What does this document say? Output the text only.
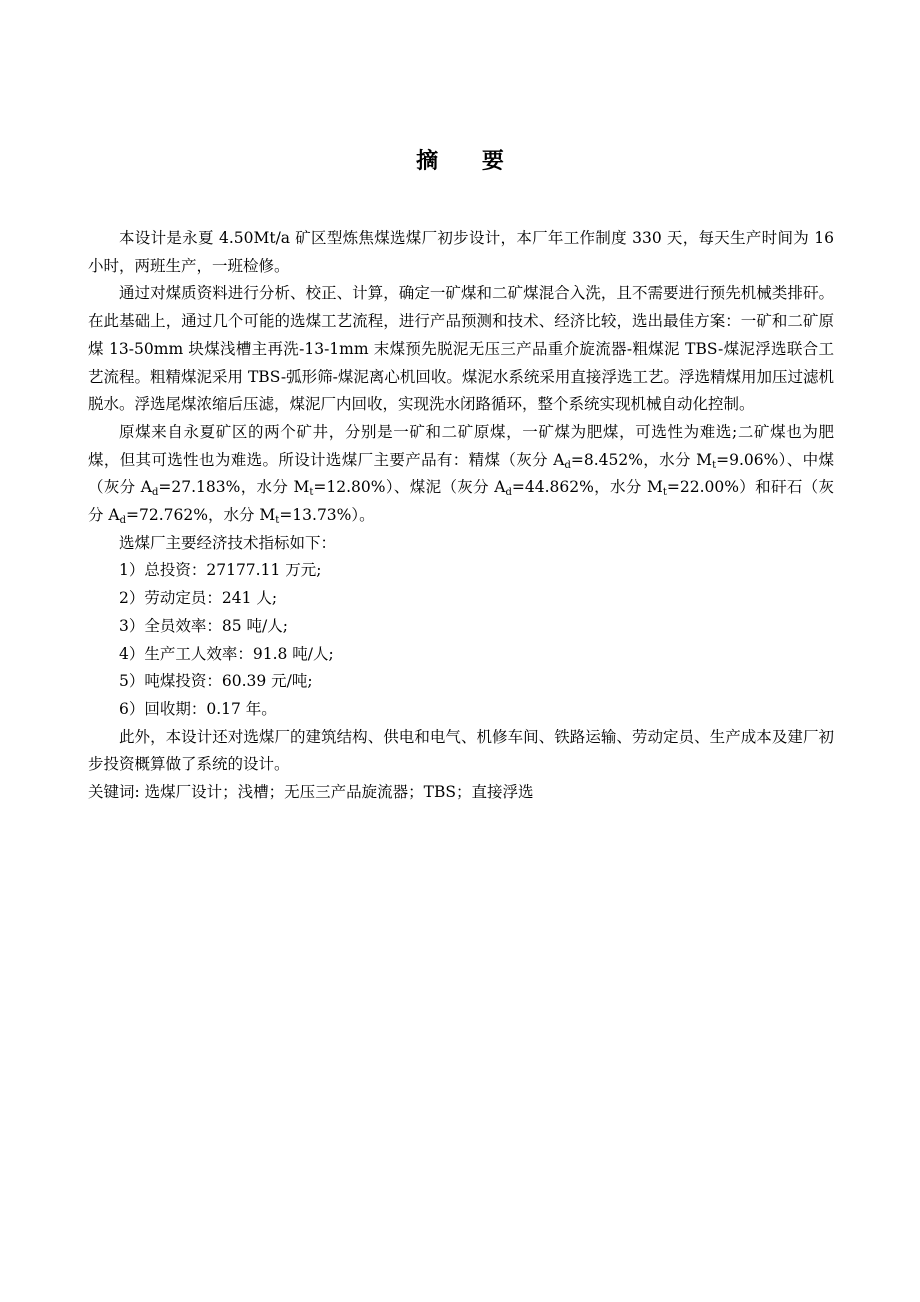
摘 要

本设计是永夏 4.50Mt/a 矿区型炼焦煤选煤厂初步设计，本厂年工作制度 330 天，每天生产时间为 16 小时，两班生产，一班检修。

通过对煤质资料进行分析、校正、计算，确定一矿煤和二矿煤混合入洗，且不需要进行预先机械类排矸。在此基础上，通过几个可能的选煤工艺流程，进行产品预测和技术、经济比较，选出最佳方案：一矿和二矿原煤 13-50mm 块煤浅槽主再洗-13-1mm 末煤预先脱泥无压三产品重介旋流器-粗煤泥 TBS-煤泥浮选联合工艺流程。粗精煤泥采用 TBS-弧形筛-煤泥离心机回收。煤泥水系统采用直接浮选工艺。浮选精煤用加压过滤机脱水。浮选尾煤浓缩后压滤，煤泥厂内回收，实现洗水闭路循环，整个系统实现机械自动化控制。

原煤来自永夏矿区的两个矿井，分别是一矿和二矿原煤，一矿煤为肥煤，可选性为难选;二矿煤也为肥煤，但其可选性也为难选。所设计选煤厂主要产品有：精煤（灰分 $A_d=8.452\%$，水分 $M_t=9.06\%$）、中煤（灰分 $A_d=27.183\%$，水分 $M_t=12.80\%$）、煤泥（灰分 $A_d=44.862\%$，水分 $M_t=22.00\%$）和矸石（灰分 $A_d=72.762\%$，水分 $M_t=13.73\%$）。

选煤厂主要经济技术指标如下：

1）总投资：27177.11 万元;

2）劳动定员：241 人;

3）全员效率：85 吨/人;

4）生产工人效率：91.8 吨/人;

5）吨煤投资：60.39 元/吨;

6）回收期：0.17 年。

此外，本设计还对选煤厂的建筑结构、供电和电气、机修车间、铁路运输、劳动定员、生产成本及建厂初步投资概算做了系统的设计。

关键词: 选煤厂设计；浅槽；无压三产品旋流器；TBS；直接浮选
